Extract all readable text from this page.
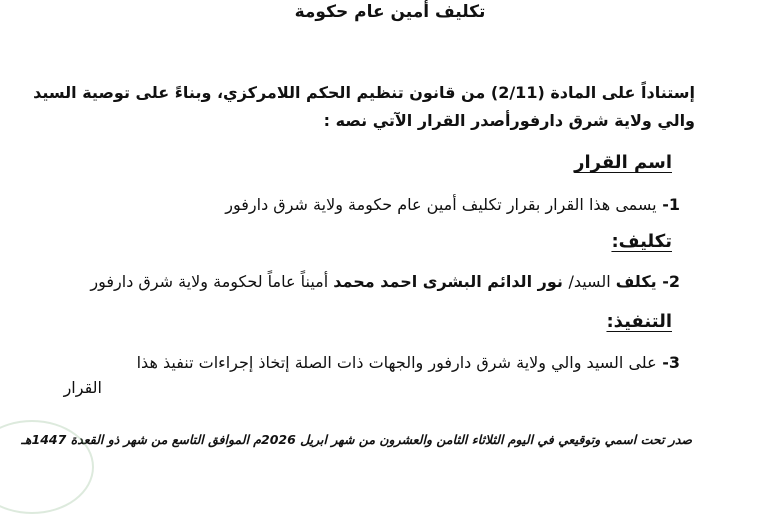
تكليف أمين عام حكومة
إستناداً على المادة (2/11) من قانون تنظيم الحكم اللامركزي، وبناءً على توصية السيد
والي ولاية شرق دارفورأصدر القرار الآتي نصه :
اسم القرار
1- يسمى هذا القرار بقرار تكليف أمين عام حكومة ولاية شرق دارفور
تكليف:
2- يكلف السيد/ نور الدائم البشرى احمد محمد أميناً عاماً لحكومة ولاية شرق دارفور
التنفيذ:
3- على السيد والي ولاية شرق دارفور والجهات ذات الصلة إتخاذ إجراءات تنفيذ هذا
القرار
صدر تحت اسمي وتوقيعي في اليوم الثلاثاء الثامن والعشرون من شهر ابريل 2026م الموافق التاسع من شهر ذو القعدة 1447هـ
